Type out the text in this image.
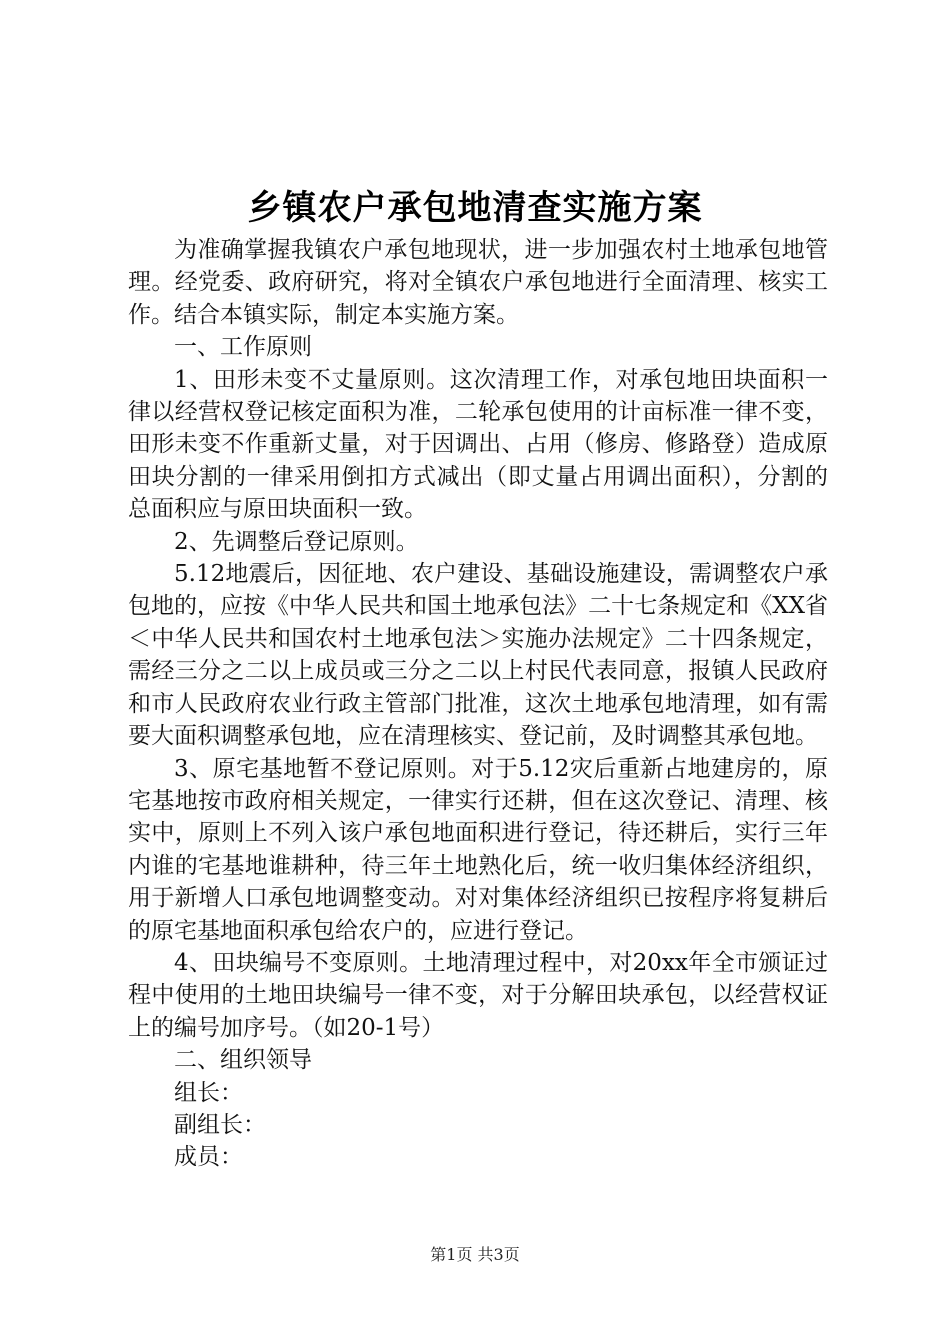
乡镇农户承包地清查实施方案

为准确掌握我镇农户承包地现状，进一步加强农村土地承包地管理。经党委、政府研究，将对全镇农户承包地进行全面清理、核实工作。结合本镇实际，制定本实施方案。

一、工作原则

1、田形未变不丈量原则。这次清理工作，对承包地田块面积一律以经营权登记核定面积为准，二轮承包使用的计亩标准一律不变，田形未变不作重新丈量，对于因调出、占用（修房、修路登）造成原田块分割的一律采用倒扣方式减出（即丈量占用调出面积），分割的总面积应与原田块面积一致。

2、先调整后登记原则。

5.12地震后，因征地、农户建设、基础设施建设，需调整农户承包地的，应按《中华人民共和国土地承包法》二十七条规定和《XX省＜中华人民共和国农村土地承包法＞实施办法规定》二十四条规定，需经三分之二以上成员或三分之二以上村民代表同意，报镇人民政府和市人民政府农业行政主管部门批准，这次土地承包地清理，如有需要大面积调整承包地，应在清理核实、登记前，及时调整其承包地。

3、原宅基地暂不登记原则。对于5.12灾后重新占地建房的，原宅基地按市政府相关规定，一律实行还耕，但在这次登记、清理、核实中，原则上不列入该户承包地面积进行登记，待还耕后，实行三年内谁的宅基地谁耕种，待三年土地熟化后，统一收归集体经济组织，用于新增人口承包地调整变动。对对集体经济组织已按程序将复耕后的原宅基地面积承包给农户的，应进行登记。

4、田块编号不变原则。土地清理过程中，对20xx年全市颁证过程中使用的土地田块编号一律不变，对于分解田块承包，以经营权证上的编号加序号。（如20-1号）

二、组织领导

组长：

副组长：

成员：

第1页 共3页
